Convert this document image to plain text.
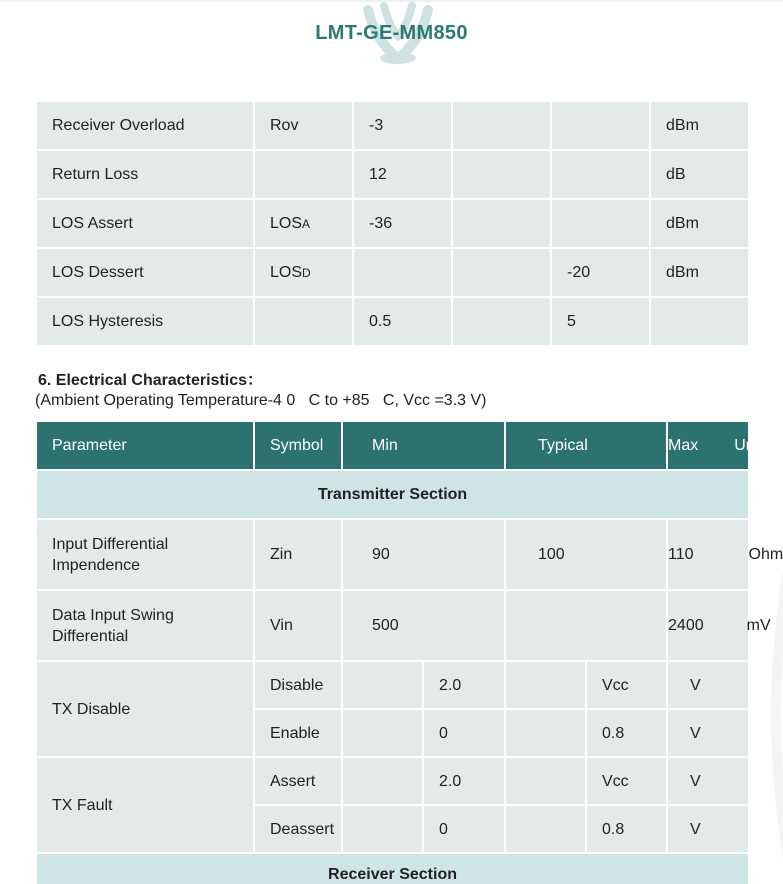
LMT-GE-MM850
Receiver Overload	Rov	-3			dBm
Return Loss		12			dB
LOS Assert	LOSA	-36			dBm
LOS Dessert	LOSD			-20	dBm
LOS Hysteresis		0.5		5	
6. Electrical Characteristics：
(Ambient Operating Temperature-4 0   C to +85   C, Vcc =3.3 V)
Parameter	Symbol	Min		Typical		Max Units
Transmitter Section						
Input Differential Impendence	Zin	90		100		110 Ohm
Data Input Swing Differential	Vin	500				2400 mV
TX Disable	Disable		2.0		Vcc	V
	Enable		0		0.8	V
TX Fault	Assert		2.0		Vcc	V
	Deassert		0		0.8	V
Receiver Section						
